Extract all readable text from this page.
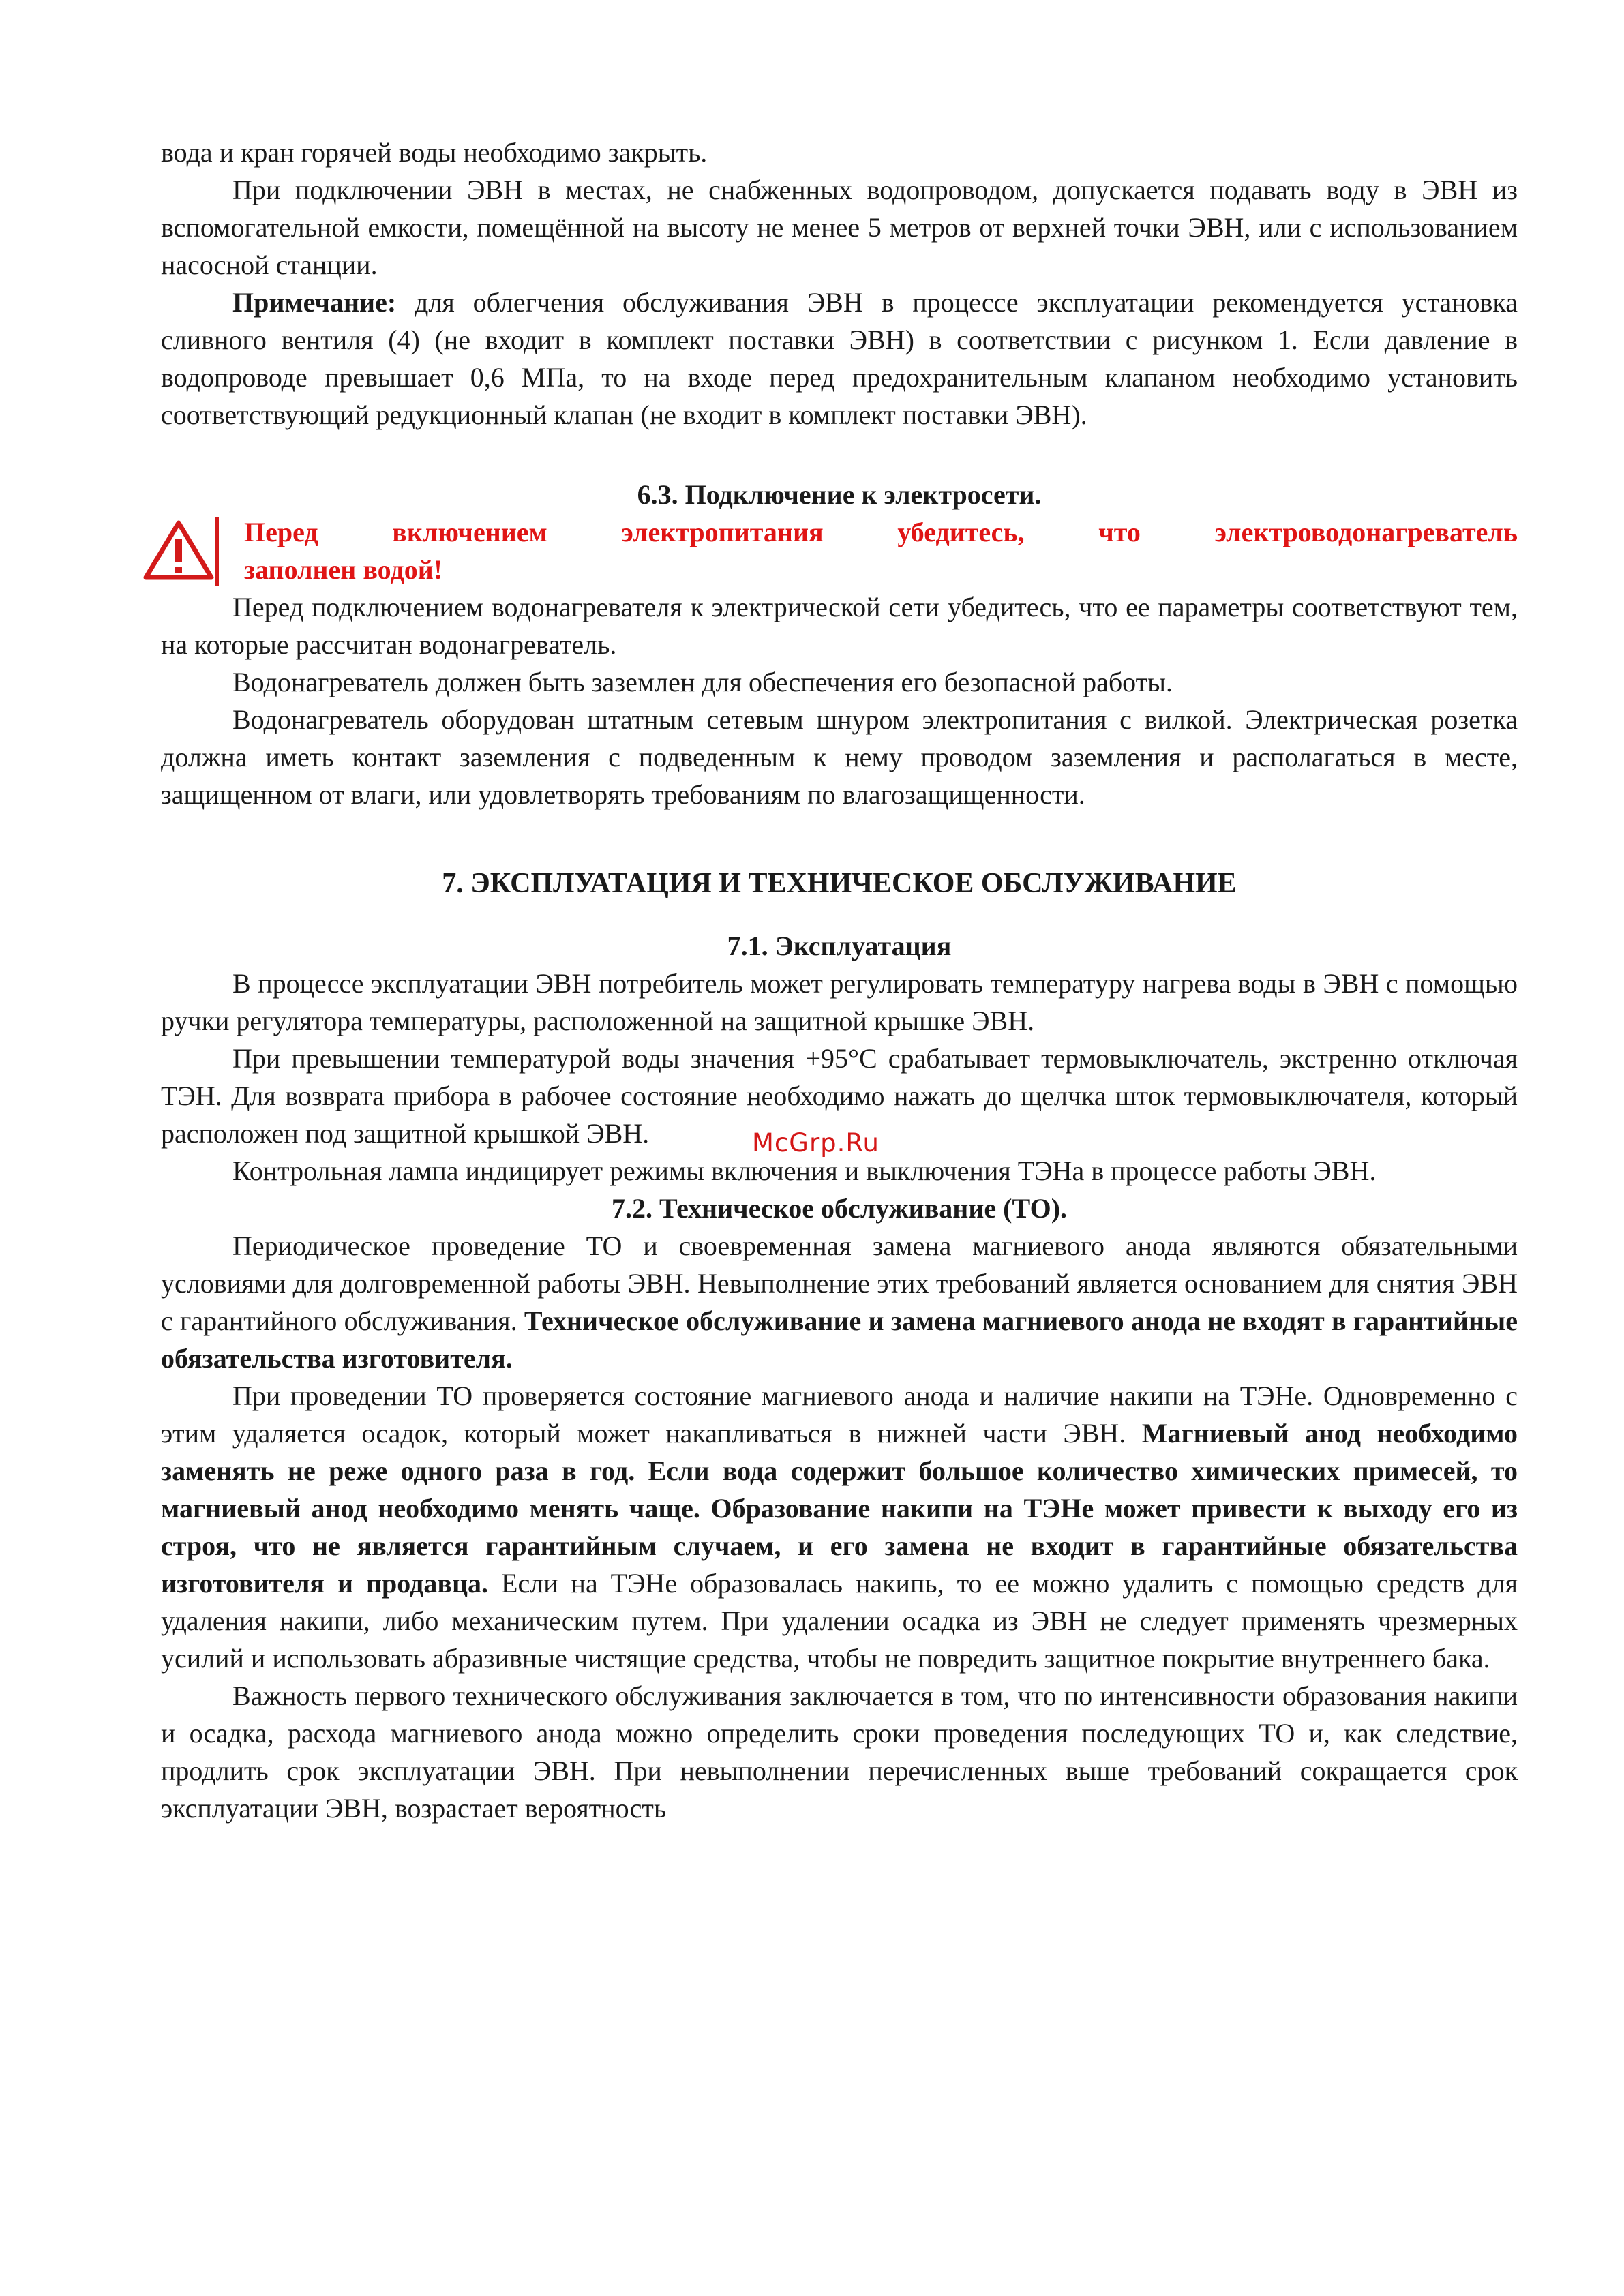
вода и кран горячей воды необходимо закрыть.

При подключении ЭВН в местах, не снабженных водопроводом, допускается подавать воду в ЭВН из вспомогательной емкости, помещённой на высоту не менее 5 метров от верхней точки ЭВН, или с использованием насосной станции.

Примечание: для облегчения обслуживания ЭВН в процессе эксплуатации рекомендуется установка сливного вентиля (4) (не входит в комплект поставки ЭВН) в соответствии с рисунком 1. Если давление в водопроводе превышает 0,6 МПа, то на входе перед предохранительным клапаном необходимо установить соответствующий редукционный клапан (не входит в комплект поставки ЭВН).

6.3. Подключение к электросети.

Перед включением электропитания убедитесь, что электроводонагреватель
заполнен водой!

Перед подключением водонагревателя к электрической сети убедитесь, что ее параметры соответствуют тем, на которые рассчитан водонагреватель.

Водонагреватель должен быть заземлен для обеспечения его безопасной работы.

Водонагреватель оборудован штатным сетевым шнуром электропитания с вилкой. Электрическая розетка должна иметь контакт заземления с подведенным к нему проводом заземления и располагаться в месте, защищенном от влаги, или удовлетворять требованиям по влагозащищенности.

7. ЭКСПЛУАТАЦИЯ И ТЕХНИЧЕСКОЕ ОБСЛУЖИВАНИЕ

7.1. Эксплуатация

В процессе эксплуатации ЭВН потребитель может регулировать температуру нагрева воды в ЭВН с помощью ручки регулятора температуры, расположенной на защитной крышке ЭВН.

При превышении температурой воды значения +95°С срабатывает термовыключатель, экстренно отключая ТЭН. Для возврата прибора в рабочее состояние необходимо нажать до щелчка шток термовыключателя, который расположен под защитной крышкой ЭВН.

Контрольная лампа индицирует режимы включения и выключения ТЭНа в процессе работы ЭВН.

7.2. Техническое обслуживание (ТО).

Периодическое проведение ТО и своевременная замена магниевого анода являются обязательными условиями для долговременной работы ЭВН. Невыполнение этих требований является основанием для снятия ЭВН с гарантийного обслуживания. Техническое обслуживание и замена магниевого анода не входят в гарантийные обязательства изготовителя.

При проведении ТО проверяется состояние магниевого анода и наличие накипи на ТЭНе. Одновременно с этим удаляется осадок, который может накапливаться в нижней части ЭВН. Магниевый анод необходимо заменять не реже одного раза в год. Если вода содержит большое количество химических примесей, то магниевый анод необходимо менять чаще. Образование накипи на ТЭНе может привести к выходу его из строя, что не является гарантийным случаем, и его замена не входит в гарантийные обязательства изготовителя и продавца. Если на ТЭНе образовалась накипь, то ее можно удалить с помощью средств для удаления накипи, либо механическим путем. При удалении осадка из ЭВН не следует применять чрезмерных усилий и использовать абразивные чистящие средства, чтобы не повредить защитное покрытие внутреннего бака.

Важность первого технического обслуживания заключается в том, что по интенсивности образования накипи и осадка, расхода магниевого анода можно определить сроки проведения последующих ТО и, как следствие, продлить срок эксплуатации ЭВН. При невыполнении перечисленных выше требований сокращается срок эксплуатации ЭВН, возрастает вероятность

McGrp.Ru
